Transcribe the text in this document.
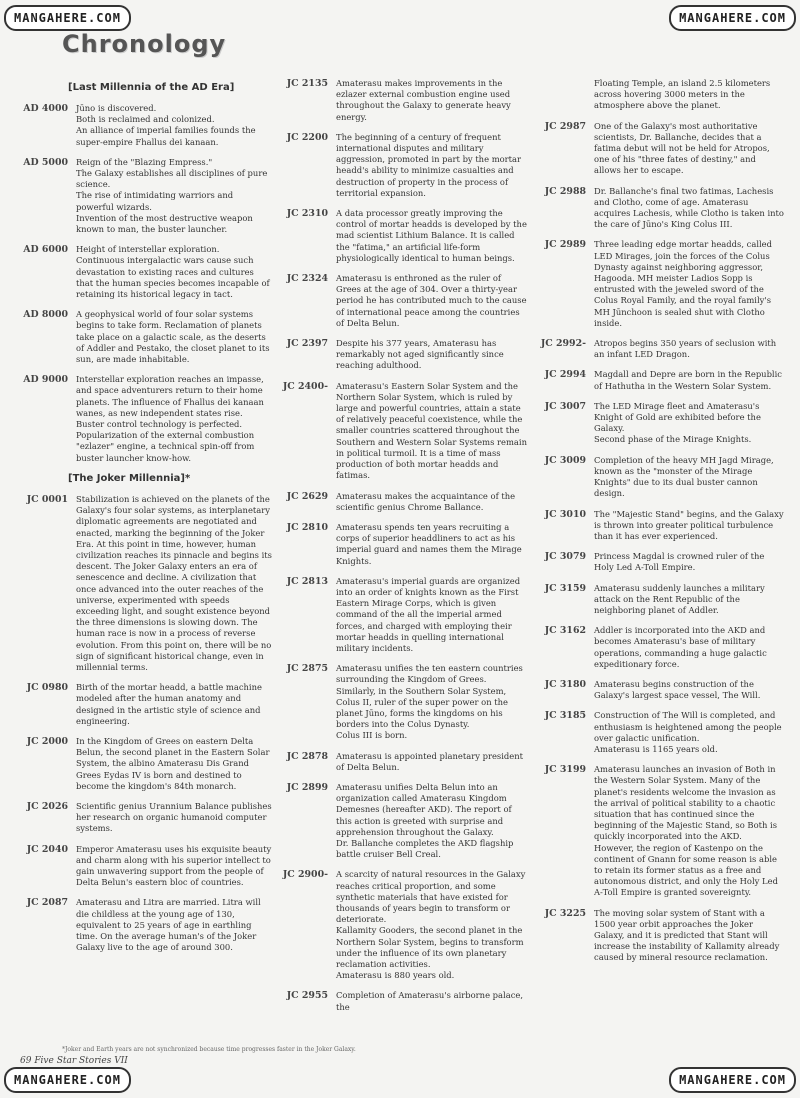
MANGAHERE.COM	MANGAHERE.COM
MANGAHERE.COM	MANGAHERE.COM
Chronology
[Last Millennia of the AD Era]
AD 4000 Jūno is discovered.
Both is reclaimed and colonized.
An alliance of imperial families founds the super-empire Fhallus dei kanaan.
AD 5000 Reign of the "Blazing Empress."
The Galaxy establishes all disciplines of pure science.
The rise of intimidating warriors and powerful wizards.
Invention of the most destructive weapon known to man, the buster launcher.
AD 6000 Height of interstellar exploration.
Continuous intergalactic wars cause such devastation to existing races and cultures that the human species becomes incapable of retaining its historical legacy in tact.
AD 8000 A geophysical world of four solar systems begins to take form. Reclamation of planets take place on a galactic scale, as the deserts of Addler and Pestako, the closet planet to its sun, are made inhabitable.
AD 9000 Interstellar exploration reaches an impasse, and space adventurers return to their home planets. The influence of Fhallus dei kanaan wanes, as new independent states rise.
Buster control technology is perfected.
Popularization of the external combustion "ezlazer" engine, a technical spin-off from buster launcher know-how.
[The Joker Millennia]*
JC 0001 Stabilization is achieved on the planets of the Galaxy's four solar systems, as interplanetary diplomatic agreements are negotiated and enacted, marking the beginning of the Joker Era. At this point in time, however, human civilization reaches its pinnacle and begins its descent. The Joker Galaxy enters an era of senescence and decline. A civilization that once advanced into the outer reaches of the universe, experimented with speeds exceeding light, and sought existence beyond the three dimensions is slowing down. The human race is now in a process of reverse evolution. From this point on, there will be no sign of significant historical change, even in millennial terms.
JC 0980 Birth of the mortar headd, a battle machine modeled after the human anatomy and designed in the artistic style of science and engineering.
JC 2000 In the Kingdom of Grees on eastern Delta Belun, the second planet in the Eastern Solar System, the albino Amaterasu Dis Grand Grees Eydas IV is born and destined to become the kingdom's 84th monarch.
JC 2026 Scientific genius Urannium Balance publishes her research on organic humanoid computer systems.
JC 2040 Emperor Amaterasu uses his exquisite beauty and charm along with his superior intellect to gain unwavering support from the people of Delta Belun's eastern bloc of countries.
JC 2087 Amaterasu and Litra are married. Litra will die childless at the young age of 130, equivalent to 25 years of age in earthling time. On the average human's of the Joker Galaxy live to the age of around 300.
JC 2135 Amaterasu makes improvements in the ezlazer external combustion engine used throughout the Galaxy to generate heavy energy.
JC 2200 The beginning of a century of frequent international disputes and military aggression, promoted in part by the mortar headd's ability to minimize casualties and destruction of property in the process of territorial expansion.
JC 2310 A data processor greatly improving the control of mortar headds is developed by the mad scientist Lithium Balance. It is called the "fatima," an artificial life-form physiologically identical to human beings.
JC 2324 Amaterasu is enthroned as the ruler of Grees at the age of 304. Over a thirty-year period he has contributed much to the cause of international peace among the countries of Delta Belun.
JC 2397 Despite his 377 years, Amaterasu has remarkably not aged significantly since reaching adulthood.
JC 2400- Amaterasu's Eastern Solar System and the Northern Solar System, which is ruled by large and powerful countries, attain a state of relatively peaceful coexistence, while the smaller countries scattered throughout the Southern and Western Solar Systems remain in political turmoil. It is a time of mass production of both mortar headds and fatimas.
JC 2629 Amaterasu makes the acquaintance of the scientific genius Chrome Ballance.
JC 2810 Amaterasu spends ten years recruiting a corps of superior headdliners to act as his imperial guard and names them the Mirage Knights.
JC 2813 Amaterasu's imperial guards are organized into an order of knights known as the First Eastern Mirage Corps, which is given command of the all the imperial armed forces, and charged with employing their mortar headds in quelling international military incidents.
JC 2875 Amaterasu unifies the ten eastern countries surrounding the Kingdom of Grees.
Similarly, in the Southern Solar System, Colus II, ruler of the super power on the planet Jūno, forms the kingdoms on his borders into the Colus Dynasty.
Colus III is born.
JC 2878 Amaterasu is appointed planetary president of Delta Belun.
JC 2899 Amaterasu unifies Delta Belun into an organization called Amaterasu Kingdom Demesnes (hereafter AKD). The report of this action is greeted with surprise and apprehension throughout the Galaxy.
Dr. Ballanche completes the AKD flagship battle cruiser Bell Creal.
JC 2900- A scarcity of natural resources in the Galaxy reaches critical proportion, and some synthetic materials that have existed for thousands of years begin to transform or deteriorate.
Kallamity Gooders, the second planet in the Northern Solar System, begins to transform under the influence of its own planetary reclamation activities.
Amaterasu is 880 years old.
JC 2955 Completion of Amaterasu's airborne palace, the
Floating Temple, an island 2.5 kilometers across hovering 3000 meters in the atmosphere above the planet.
JC 2987 One of the Galaxy's most authoritative scientists, Dr. Ballanche, decides that a fatima debut will not be held for Atropos, one of his "three fates of destiny," and allows her to escape.
JC 2988 Dr. Ballanche's final two fatimas, Lachesis and Clotho, come of age. Amaterasu acquires Lachesis, while Clotho is taken into the care of Jūno's King Colus III.
JC 2989 Three leading edge mortar headds, called LED Mirages, join the forces of the Colus Dynasty against neighboring aggressor, Hagooda. MH meister Ladios Sopp is entrusted with the jeweled sword of the Colus Royal Family, and the royal family's MH Jūnchoon is sealed shut with Clotho inside.
JC 2992- Atropos begins 350 years of seclusion with an infant LED Dragon.
JC 2994 Magdall and Depre are born in the Republic of Hathutha in the Western Solar System.
JC 3007 The LED Mirage fleet and Amaterasu's Knight of Gold are exhibited before the Galaxy.
Second phase of the Mirage Knights.
JC 3009 Completion of the heavy MH Jagd Mirage, known as the "monster of the Mirage Knights" due to its dual buster cannon design.
JC 3010 The "Majestic Stand" begins, and the Galaxy is thrown into greater political turbulence than it has ever experienced.
JC 3079 Princess Magdal is crowned ruler of the Holy Led A-Toll Empire.
JC 3159 Amaterasu suddenly launches a military attack on the Rent Republic of the neighboring planet of Addler.
JC 3162 Addler is incorporated into the AKD and becomes Amaterasu's base of military operations, commanding a huge galactic expeditionary force.
JC 3180 Amaterasu begins construction of the Galaxy's largest space vessel, The Will.
JC 3185 Construction of The Will is completed, and enthusiasm is heightened among the people over galactic unification.
Amaterasu is 1165 years old.
JC 3199 Amaterasu launches an invasion of Both in the Western Solar System. Many of the planet's residents welcome the invasion as the arrival of political stability to a chaotic situation that has continued since the beginning of the Majestic Stand, so Both is quickly incorporated into the AKD. However, the region of Kastenpo on the continent of Gnann for some reason is able to retain its former status as a free and autonomous district, and only the Holy Led A-Toll Empire is granted sovereignty.
JC 3225 The moving solar system of Stant with a 1500 year orbit approaches the Joker Galaxy, and it is predicted that Stant will increase the instability of Kallamity already caused by mineral resource reclamation.
*Joker and Earth years are not synchronized because time progresses faster in the Joker Galaxy.
69 Five Star Stories VII
